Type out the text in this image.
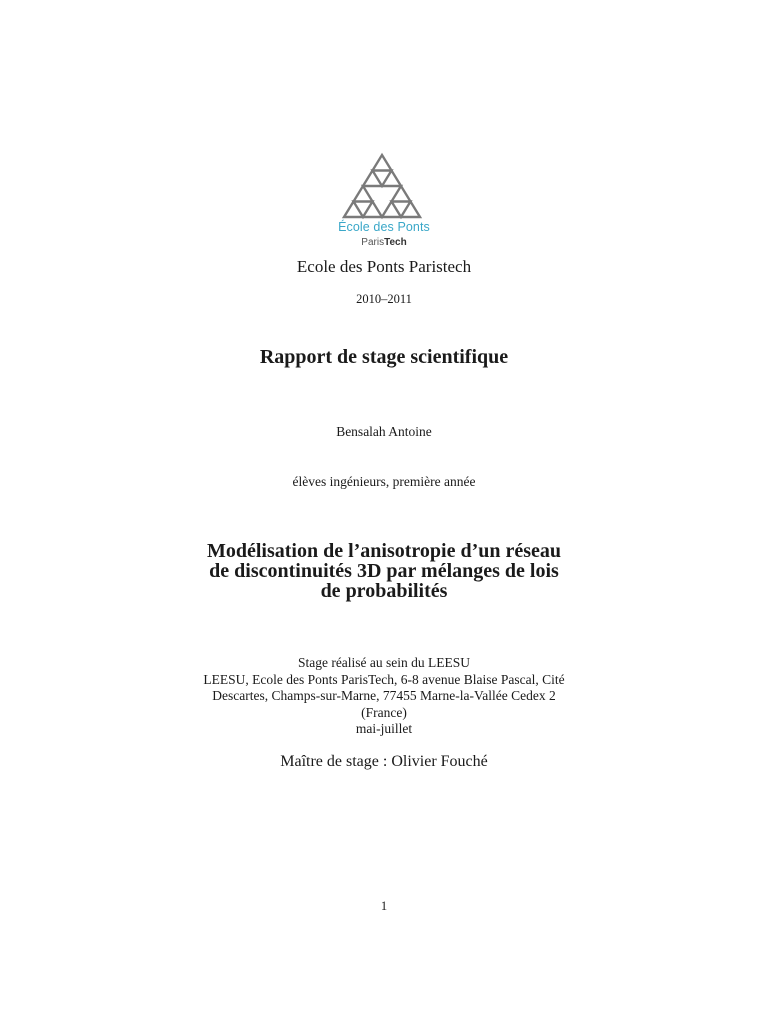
École des Ponts
ParisTech
Ecole des Ponts Paristech
2010–2011
Rapport de stage scientifique
Bensalah Antoine
élèves ingénieurs, première année
Modélisation de l’anisotropie d’un réseau
de discontinuités 3D par mélanges de lois
de probabilités
Stage réalisé au sein du LEESU
LEESU, Ecole des Ponts ParisTech, 6-8 avenue Blaise Pascal, Cité
Descartes, Champs-sur-Marne, 77455 Marne-la-Vallée Cedex 2
(France)
mai-juillet
Maître de stage : Olivier Fouché
1
